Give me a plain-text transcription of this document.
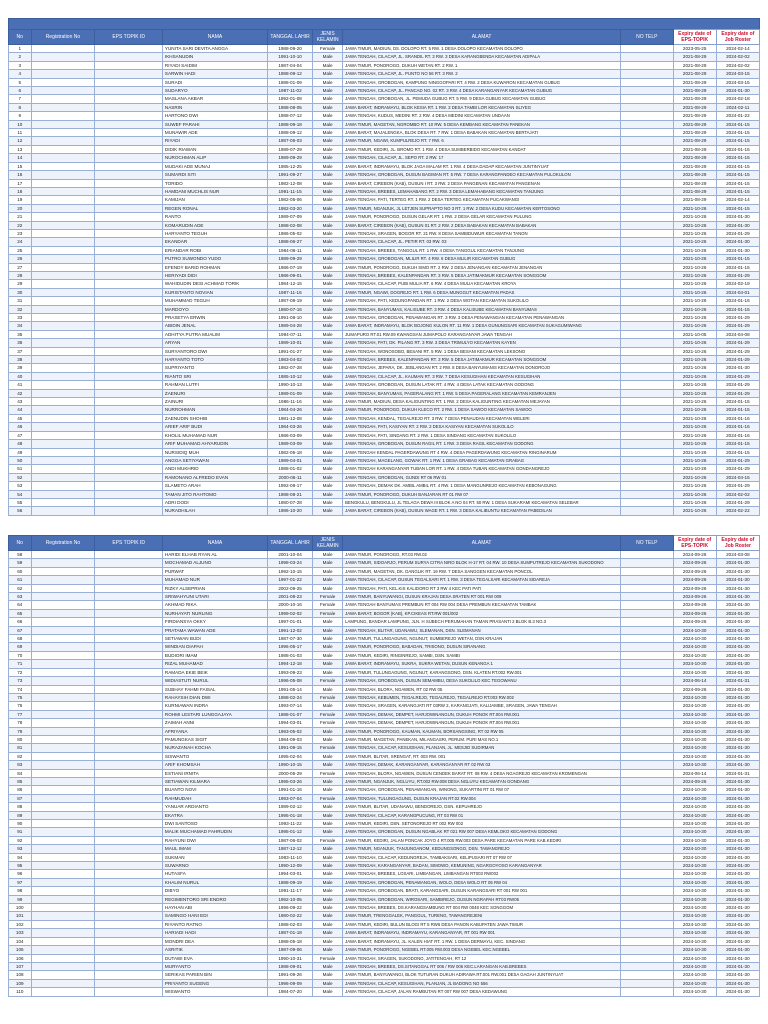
No	Registration No	EPS TOPIK ID	NAMA	TANGGAL LAHIR	JENIS KELAMIN	ALAMAT	NO TELP	Expiry date of EPS-TOPIK	Expiry date of Job Roster
1			YUNITA SARI DEVITA ANGGA	1988-09-20	Female	JAWA TIMUR, MADIUN, DS. DOLOPO RT. 5 RW. 1 DESA DOLOPO KECAMATAN DOLOPO		2023-05-25	2024-02-14
2			IKHSANUDIN	1991-10-10	Male	JAWA TENGAH, CILACAP, JL. SRANDIL RT. 3 RW. 3 DESA KARANGBENDA KECAMATAN ADIPALA		2021-08-29	2024-02-02
3			RIYADI SAIDIM	1987-04-04	Male	JAWA TIMUR, PONOROGO, DUKUH WETAN RT. 2 RW. 1		2021-08-29	2024-02-02
4			SARWIN HADI	1988-09-12	Male	JAWA TENGAH, CILACAP, JL. PUNTO NO 56 RT. 3 RW. 2		2021-08-29	2024-03-15
5			SURADI	1988-01-09	Male	JAWA TENGAH, GROBOGAN, KAMPUNG NINGGOPARI RT. 4 RW. 2 DESA KUWARON KECAMATAN GUBUG		2021-08-29	2024-03-15
6			SUDARYO	1987-11-02	Male	JAWA TENGAH, CILACAP, JL. PANCAD NO. 02 RT. 3 RW. 4 DESA KARANGANYAR KECAMATAN GUBUG		2021-08-29	2024-01-30
7			MASLANA AKBAR	1992-01-08	Male	JAWA TENGAH, GROBOGAN, JL. PEMUDA GUBUG RT. 5 RW. 9 DESA GUBUG KECAMATAN GUBUG		2021-08-29	2024-02-18
8			NASRIN	1988-08-05	Male	JAWA BARAT, INDRAMAYU, BLOK KESIA RT. 1 RW. 3 DESA TAMBI LOR KECAMATAN SLIYEG		2021-08-29	2024-02-11
9			HARTONO DWI	1988-07-12	Male	JAWA TENGAH, KUDUS, MEDINI RT. 2 RW. 4 DESA MEDINI KECAMATAN UNDAAN		2021-08-29	2024-01-22
10			SUWEF PARAHI	1988-09-18	Male	JAWA TIMUR, MAGETAN, NGROMBO RT. 10 RW. 5 DESA KEMBANG KECAMATAN PANEKAN		2021-08-29	2024-01-15
11			MUNAWIR ADE	1988-09-12	Male	JAWA BARAT, MAJALENGKA, BLOK DESA RT. 7 RW. 1 DESA BABAKAN KECAMATAN BERTAJATI		2021-08-29	2024-01-15
12			RIYADI	1987-06-03	Male	JAWA TIMUR, NGAWI, KUMPULREJO RT. 7 RW. 6		2021-08-29	2024-01-15
13			DIDIK RIAWAN	1989-07-29	Male	JAWA TIMUR, KEDIRI, JL. BROMO RT. 1 RW. 4 DESA SUMBERBIDO KECAMATAN KANDAT		2021-08-29	2024-01-15
14			NUROCHMAN ALIP	1989-09-29	Male	JAWA TENGAH, CILACAP, JL. SEPO RT. 2 RW. 17		2021-08-29	2024-01-15
15			MUDAKI ADE MUNAJ	1985-12-25	Male	JAWA BARAT, INDRAMAYU, BLOK JAGA MALAM RT. 1 RW. 4 DESA DADAP KECAMATAN JUNTINYUAT		2021-08-29	2024-01-15
16			SUMARDI SITI	1991-09-27	Male	JAWA TENGAH, GROBOGAN, DUSUN BAGIMAN RT. 5 RW. 7 DESA KARANGPANDEO KECAMATAN PULOKULON		2021-08-29	2024-01-15
17			TORIDO	1982-12-08	Male	JAWA BARAT, CIREBON (KAB), DUSUN I RT. 3 RW. 2 DESA PANGENAN KECAMATAN PANGENAN		2021-08-29	2024-01-15
18			HAMDANI MUCHLIS NUR	1991-11-15	Male	JAWA TENGAH, BREBES, LEMAHABANG RT. 2 RW. 3 DESA LEMAHABANG KECAMATAN TANJUNG		2021-08-29	2024-01-15
19			KAMIJAN	1982-05-06	Male	JAWA TENGAH, PATI, TERTEG RT. 1 RW. 2 DESA TERTEG KECAMATAN PUCAKWANGI		2021-08-29	2024-02-14
20			REGEN RONAL	1982-03-20	Male	JAWA TIMUR, NGANJUK, JL LETJEN SUPRAPTO NO 3 RT. 1 RW. 2 DESA KUDU KECAMATAN KERTOSONO		2021-10-26	2024-01-15
21			RANTO	1989-07-09	Male	JAWA TIMUR, PONOROGO, DUSUN GELAR RT. 1 RW. 2 DESA GELAR KECAMATAN PULUNG		2021-10-26	2024-01-30
22			KOMARUDIN ADE	1988-02-08	Male	JAWA BARAT, CIREBON (KAB), DUSUN 01 RT. 2 RW. 2 DESA BABAKAN KECAMATAN BABAKAN		2021-10-26	2024-01-30
23			HARYANTO TEGUH	1986-05-02	Male	JAWA TENGAH, SRAGEN, BOGOR RT. 21 RW. 8 DESA SAMBIDUWUR KECAMATAN TANON		2021-10-26	2024-01-29
24			EKANDAR	1988-06-27	Male	JAWA TENGAH, CILACAP, JL. PETIR RT. 03 RW. 03		2021-10-26	2024-01-30
25			ERIANDAR ROBI	1984-06-11	Male	JAWA TENGAH, BREBES, TANGGUL RT. 1 RW. 4 DESA TANGGUL KECAMATAN TANJUNG		2021-10-26	2024-01-30
26			PUTRO SUWONDO YUDO	1989-09-29	Male	JAWA TENGAH, GROBOGAN, MLILIR RT. 4 RW. 6 DESA MLILIR KECAMATAN GUBUG		2021-10-26	2024-01-15
27			EFENDY BARID ROHMAN	1986-07-19	Male	JAWA TIMUR, PONOROGO, DUKUH SIMO RT. 2 RW. 2 DESA JENANGAN KECAMATAN JENANGAN		2021-10-26	2024-01-15
28			HERIYADI DIDI	1986-09-01	Male	JAWA TENGAH, BREBES, KALENPANDAN RT. 3 RW. 5 DESA JATIMAKMUR KECAMATAN SONGGOM		2021-10-26	2024-01-29
29			WAHIDUDIN DESI ACHMAD TORIK	1984-12-15	Male	JAWA TENGAH, CILACAP, PUBI MULIA RT. 6 RW. 4 DESA MULIA KECAMATAN KROYA		2021-10-26	2024-02-19
30			KURISTANTO NOVIAN	1987-11-16	Male	JAWA TIMUR, NGAWI, DOGREJO RT. 1 RW. 6 DESA MUNGGUT KECAMATAN PADAS		2021-10-26	2024-04-01
31			MUHAMMAD TEGUH	1987-08-19	Male	JAWA TENGAH, PATI, KEDUNGPANDAN RT. 1 RW. 2 DESA WOTAN KECAMATAN SUKOLILO		2021-10-26	2024-01-16
32			MARDOYO	1980-07-16	Male	JAWA TENGAH, BANYUMAS, KALISUBE RT. 3 RW. 4 DESA KALISUBE KECAMATAN BANYUMAS		2021-10-26	2024-01-15
33			PRASETYA ERWIN	1991-08-10	Male	JAWA TENGAH, GROBOGAN, PENAWANGAN RT. 3 RW. 3 DESA PENAWANGAN KECAMATAN PENAWANGAN		2021-10-26	2024-01-29
34			ABIDIN JENAL	1989-04-28	Male	JAWA BARAT, INDRAMAYU, BLOK BOJONG KULON RT. 11 RW. 1 DESA GUNUNGSARI KECAMATAN SUKAGUMIWANG		2021-10-26	2024-01-29
35			ADHITYA PUTRA MUALIM	1994-07-11	Male	JUMAPURO RT.01 RW.09 KWANGSAN JUMAPOLO KARANGANYAR JAWA TENGAH		2021-10-05	2024-04-08
36			ARYAN	1989-10-01	Male	JAWA TENGAH, PATI, DK. PILANG RT. 3 RW. 3 DESA TRIMULYO KECAMATAN KAYEN		2021-10-26	2024-01-29
37			SURYANTORO DWI	1991-01-27	Male	JAWA TENGAH, WONOSOBO, BESANI RT. 5 RW. 1 DESA BESANI KECAMATAN LEKSONO		2021-10-26	2024-01-29
38			HARYANTO TOTO	1983-04-02	Male	JAWA TENGAH, BREBES, KALENPANDAN RT. 3 RW. 5 DESA JATIMAKMUR KECAMATAN SONGGOM		2021-10-26	2024-01-29
39			SUPRIYANTO	1982-07-28	Male	JAWA TENGAH, JEPARA, DK. JEBLANGAN RT. 2 RW. 8 DESA BANYUMANIS KECAMATAN DONOROJO		2021-10-26	2024-01-30
40			RIANTO SRI	1985-10-12	Male	JAWA TENGAH, CILACAP, JL. KAUMAN RT. 3 RW. 7 DESA KESUGIHAN KECAMATAN KESUGIHAN		2021-10-26	2024-01-29
41			RAHMAN LUTFI	1990-10-13	Male	JAWA TENGAH, GROBOGAN, DUSUN LATAK RT. 4 RW. 4 DESA LATAK KECAMATAN GODONG		2021-10-26	2024-01-29
42			ZAENURI	1989-01-09	Male	JAWA TENGAH, BANYUMAS, PAGERALANG RT. 1 RW. 5 DESA PAGERALANG KECAMATAN KEMRANJEN		2021-10-26	2024-01-29
43			ZAINURI	1986-11-16	Male	JAWA TIMUR, MADIUN, DESA KALIGUNTING RT. 1 RW. 2 DESA KALIGUNTING KECAMATAN MEJAYAN		2021-10-26	2024-01-15
44			NURROHMAN	1984-04-26	Male	JAWA TIMUR, PONOROGO, DUKUH KLECO RT. 2 RW. 1 DESA SAWOO KECAMATAN SAWOO		2021-10-26	2024-01-15
45			ZAENUDIN SHOHIB	1981-12-08	Male	JAWA TENGAH, KENDAL, TEGALREJO RT. 3 RW. 7 DESA PENAUDAN KECAMATAN WELERI		2021-10-26	2024-01-16
46			ARIEF ARIF BUDI	1984-03-26	Male	JAWA TENGAH, PATI, KASIYAN RT. 2 RW. 2 DESA KASIYAN KECAMATAN SUKOLILO		2021-10-26	2024-01-16
47			KHOLIL MUHAMAD NUR	1986-03-09	Male	JAWA TENGAH, PATI, SINDANG RT. 2 RW. 1 DESA SINDANG KECAMATAN SUKOLILO		2021-10-26	2024-01-16
48			ARIF MUHAMAD AHYARUDIN	1989-03-09	Male	JAWA TENGAH, GROBOGAN, DUSUN RAGIL RT. 1 RW. 3 DESA RAGIL KECAMATAN GODONG		2021-10-26	2024-01-15
49			NURSIDIQ MUH	1982-05-18	Male	JAWA TENGAH KENDAL PAGERDAWUNG RT 4 RW. 4 DESA PAGERDAWUNG KECAMATAN RINGINARUM		2021-10-26	2024-01-15
50			ANGGA SETIYAWAN	1989-04-01	Male	JAWA TENGAH, MAGELANG, GOWAK RT. 1 RW. 1 DESA GRABAG KECAMATAN GRABAG		2021-10-26	2024-01-29
51			ANDI MUKHRID	1988-01-02	Male	JAWA TENGAH KARANGANYAR TUBAN LOR RT. 1 RW. 4 DESA TUBAN KECAMATAN GONDANGREJO		2021-10-26	2024-01-29
52			RAMONANO ALFREDO EVAN	2000-06-11	Male	JAWA TENGAH, GROBOGAN, GUNDI RT 06 RW 01		2021-10-26	2024-04-15
53			SLAMETO ARAH	1992-08-17	Male	JAWA TENGAH, DEMAK DK. AMBIL AMBIL RT. 4 RW. 1 DESA MANGUNREJO KECAMATAN KEBONAGUNG		2021-10-26	2024-01-29
54			TAMAN JITO RAHTOMO	1988-08-21	Male	JAWA TIMUR, PONOROGO, DUKUH BANJARAN RT 01 RW 07		2021-10-26	2024-02-02
55			ADRI DODI	1980-07-28	Male	BENGKULU, BENGKULU, JL TELAGA DEWA III BLOK A NO 04 RT. 50 RW. 1 DESA SUKARAMI KECAMATAN SELEBAR		2021-10-26	2024-01-29
56			NURADHILAH	1986-10-20	Male	JAWA BARAT, CIREBON (KAB), DUSUN WAGE RT. 1 RW. 3 DESA KALIBUNTU KECAMATAN PABEDILAN		2021-10-26	2024-02-22
No	Registration No	EPS TOPIK ID	NAMA	TANGGAL LAHIR	JENIS KELAMIN	ALAMAT	NO TELP	Expiry date of EPS-TOPIK	Expiry date of Job Roster
58			HARIDI ELHAB RYAN AL	2001-10-04	Male	JAWA TIMUR, PONOROGO, RT.03 RW.02		2024-09-26	2024-03-08
59			MOCHAMAD ALJUNO	1998-03-24	Male	JAWA TIMUR, SIDOARJO, PERUM SURYA CITRA NIRO BLOK H-17 RT. 04 RW. 10 DESA SUMPUTREJO KECAMATAN SUKODONO		2024-09-26	2024-01-30
60			PURWAT	1992-10-15	Male	JAWA TIMUR, MAGETAN, DK. DANGLIK RT. 19 RW. 7 DESA SANGGEN KECAMATAN PONCOL		2024-09-26	2024-01-30
61			MUHAMAD NUR	1997-01-22	Male	JAWA TENGAH, CILACAP, DUSUN TEGALSARI RT. 1 RW. 3 DESA TEGALSARI KECAMATAN SIDAREJA		2024-09-26	2024-01-30
62			RIZKY ALSEPRIAN	2002-09-25	Male	JAWA TENGAH, PATI, KEL.KIS KALIDORO RT 3 RW 4 KEC PATI PATI		2024-09-26	2024-01-30
63			SRIWAHYUNI UTARI	2001-08-23	Female	JAWA TIMUR, BANYUWANGI, DUSUN KRAJAN DESA SRATEN RT 001 RW 009		2024-09-26	2024-01-30
64			AKHMAD RIKA	2000-10-16	Female	JAWA TENGAH BANYUMAS PREMBUN RT 004 RW 004 DESA PREMBUN KECAMATAN TAMBAK		2024-09-26	2024-01-30
65			NURHAYATI NURLING	1999-02-02	Female	JAWA BARAT, BOGOR (KAB), KP.CIKEAS RT.RW 001/002		2024-09-26	2024-01-30
66			FIRDIANSYA OKKY	1997-01-01	Male	LAMPUNG, BANDAR LAMPUNG, JLN. H SUBECH PERUMAHAN TAMAN PRASANTI 2 BLOK B.3 NO.3		2024-09-26	2024-01-30
67			PRATAMA WAWAN ADE	1991-12-02	Male	JAWA TENGAH, BLITAR, UDANAWU, SLEMANAN, DSN. SLEMANAN		2024-10-30	2024-01-30
68			SETIAWAN BUDI	1987-07-30	Male	JAWA TIMUR, TULUNGAGUNG, NGUNUT, SUMBEREJO WETAN, DSN KRAJAN		2024-10-30	2024-01-30
69			WINDIAN DIAPAH	1996-05-17	Male	JAWA TIMUR, PONOROGO, BABADAN, TRISONO, DUSUN SIRANANG		2024-10-30	2024-01-30
70			BUDIORI IMAM	1988-01-03	Male	JAWA TIMUR, KEDIRI, RINGINREJO, SAMBI, DSN. SAMBI		2024-10-30	2024-01-30
71			RIZAL MUHAMAD	1994-12-18	Male	JAWA BARAT, INDRAMAYU, SUKRA, SUKRA WETAN, DUSUN KENANGA 1		2024-10-30	2024-01-30
72			RAMADA EKIE BEIK	1993-09-23	Male	JAWA TIMUR, TULUNGAGUNG, NGUNUT, KARANGSONO, DSN. KLATEN RT.002 RW.001		2024-10-30	2024-01-30
73			WIDIASTUTI NURUL	1996-05-08	Female	JAWA TENGAH, GROBOGAN, DUSUN SEMAMBU, DESA SUKOLILO KEC TEGOWANU		2024-06-14	2024-01-31
74			SUBHAY FAHMI FAISAL	1991-05-14	Male	JAWA TENGAH, BLORA, NGAWEN, RT 02 RW 05		2024-09-26	2024-01-30
75			RAHAYSIH DIAN DWI	1988-02-24	Female	JAWA TENGAH, KEBUMEN, TEGALREJO, TEGALREJO, TEGALREJO RT.003 RW.002		2024-10-30	2024-01-30
76			KURNIAWAN INDRA	1993-07-14	Male	JAWA TENGAH, SRAGEN, KARANGJATI RT 03RW 2, KARANGJATI, KALIJAMBE, SRAGEN, JAWA TENGAH		2024-10-30	2024-01-30
77			ROHMI LESTARI LUNGGAJAYA	1988-01-07	Female	JAWA TENGAH, DEMAK, DEMPET, HARJOWINANGUN, DUKUH PONOK RT.004 RW.001		2024-10-30	2024-01-30
78			ZAIMAH ANNI	1994-03-01	Female	JAWA TENGAH, DEMAK, DEMPET, HARJOWINANGUN, DUKUH PONOK RT.004 RW.001		2024-10-30	2024-01-30
79			AFRIYANA	1993-05-02	Male	JAWA TIMUR, PONOROGO, KAUMAN, KAUMAN, BORSANGSING, RT 02 RW 05		2024-10-30	2024-01-30
80			PAMUNGKAS SIGIT	1984-09-03	Male	JAWA TIMUR, MAGETAN, PANEKAN, MILANGASRI, PERUM. PURI MAS NO.1		2024-10-30	2024-01-30
81			NURAZANAH KOCHA	1991-09-15	Female	JAWA TENGAH, CILACAP, KESUGIHAN, PLANJAN, JL. MESJID SUDIRMAN		2024-10-30	2024-01-30
82			SISWANTO	1995-02-04	Male	JAWA TIMUR, BLITAR, SRENGAT, RT. 003 RW. 001		2024-10-30	2024-01-30
83			ARIF KHOMSAH	1990-10-15	Male	JAWA TENGAH, DEMAK, KARANGANYAR, KARANGANYAR RT 02 RW 03		2024-10-30	2024-01-30
84			ESTIANI IRNITA	2000-05-29	Female	JAWA TENGAH, BLORA, NGAWEN, DUSUN CENDEK BARAT RT. 08 RW. 4 DESA NGAGREJO KECAMATAN KROMENGAN		2024-06-14	2024-01-31
85			SETIAWAN KILMARA	1995-03-26	Male	JAWA TIMUR, NGANJUK, NGLUYU, RT.002 RW.008 DESA NGLUYU KECAMATAN GONDANG		2024-09-26	2024-01-30
86			BUANTO NOVI	1991-01-16	Male	JAWA TENGAH, GROBOGAN, PENAWANGAN, WINONG, SUKARTINI RT 01 RW 07		2024-10-30	2024-01-30
87			RAHMUDAH	1993-07-04	Female	JAWA TENGAH, TULUNGAGUNG, DUSUN KRAJAN RT.02 RW.004		2024-10-30	2024-01-30
88			YANUAR ARDIANTO	1989-02-12	Male	JAWA TIMUR, BLITAR, UDANAWU, BENDOREJO, DSN. KEPUHREJO		2024-10-30	2024-01-30
89			EKATRA	1995-01-18	Male	JAWA TENGAH, CILACAP, KARANGPUCUNG, RT 03 RW 01		2024-10-30	2024-01-30
90			DWI SANTOSO	1993-11-22	Male	JAWA TIMUR, KEDIRI, DSN. SETONOREJO RT 002 RW 002		2024-10-30	2024-01-30
91			MALIK MUCHAMAD FAHRUDIN	1995-01-12	Male	JAWA TENGAH, GROBOGAN, DUSUN NGABLAK RT 021 RW 007 DESA KEMLOKO KECAMATAN GODONG		2024-10-30	2024-01-30
92			RAHYUNI DWI	1987-06-02	Female	JAWA TIMUR, KEDIRI, JALAN PONCAK JOYO 4 RT.005 RW.003 DESA PARE KECAMATAN PARE KAB.KEDIRI		2024-10-30	2024-01-30
93			MAUL IMAM	1987-12-12	Male	JAWA TIMUR, NGANJUK, TANJUNGANOM, KEDUNGSONGO, DSN. TAWANGREJO		2024-10-30	2024-01-30
94			SUKMAN	1983-11-10	Male	JAWA TENGAH, CILACAP, KEDUNGREJA, TAMBAKSARI, KELIPUSARI RT 07 RW 07		2024-10-30	2024-01-30
95			SUWARNO	1990-12-09	Male	JAWA TENGAH, KARANGANYAR, BADAN, SIMOWO, KEMUNING, NGARGOYOSO KARANGANYAR		2024-10-30	2024-01-30
96			HUTASFA	1994-03-01	Male	JAWA TENGAH, BREBES, LOSARI, LIMBANGAN, LIMBANGAN RT003 RW002		2024-10-30	2024-01-30
97			KHALIM NURUL	1988-09-19	Male	JAWA TENGAH, GROBOGAN, PENAWANGAN, WOLO, DESA WOLO RT 05 RW 04		2024-10-30	2024-01-30
98			DIBYO	1991-11-17	Male	JAWA TENGAH, GROBOGAN, BRATI, KARANGSARI, DUSUN KARANGSARI RT 001 RW 001		2024-10-30	2024-01-30
99			REGIMENTORO SRI ENDRO	1992-10-05	Male	JAWA TENGAH, GROBOGAN, WIROSARI, SAMBIREJO, DUSUN NGRAPAH RT03 RW05		2024-10-30	2024-01-30
100			HAYHAN ABI	1996-09-22	Male	JAWA TENGAH, BREBES, DS.KARANGSAMBUNG RT 004 RW 0048 KEC SONGGOM		2024-10-30	2024-01-30
101			SAMINGO HANI EDI	1980-02-22	Male	JAWA TIMUR, TRENGGALEK, PANGGUL, TURENG, TAWANGREJENI		2024-10-30	2024-01-30
102			RIYANTO RATNO	1988-02-03	Male	JAWA TIMUR, KEDIRI, BULUN BLOGI RT 5 RW6 DESA PANON KABUPATEN JAWA TIMUR		2024-10-30	2024-01-30
103			HARIADI HADI	1987-01-18	Male	JAWA BARAT, INDRAMAYU, INDRAMAYU, KARANGANYAR, RT 001 RW 001		2024-10-30	2024-01-30
104			MONDRI DEA	1988-05-18	Male	JAWA BARAT, INDRAMAYU, JL. KALEN HIAT RT. 1 RW. 1 DESA DERMAYU, KEC. SINDANG		2024-10-30	2024-01-30
105			ASRITIK	1987-09-06	Male	JAWA TIMUR, PONOROGO, NGEBEL RT.005 RW.003 DESA NGEBEL KEC.NGEBEL		2024-10-30	2024-01-30
106			DUTAWI EVA	1990-10-31	Female	JAWA TENGAH, SRAGEN, SUKODONO, JATITENGAH, RT 12		2024-10-30	2024-01-30
107			MURYANTO	1988-09-01	Male	JAWA TENGAH, BREBES, DS.SITANGGAL RT 006 / RW 006 KEC.LARANGAN KAB.BREBES		2024-10-30	2024-01-30
108			SERIKAS PARIEN BIN	1991-09-26	Male	JAWA TIMUR, BANYUWANGI, BLOK TUTURAN DUKUH ADIRAWA RT.001 RW.001 DESA GAGAH JUNTINYUAT		2024-10-30	2024-01-30
109			PRIYANTO SUGENG	1996-09-09	Male	JAWA TENGAH, CILACAP, KESUGIHAN, PLANJAN, JL BADONG NO 556		2024-10-30	2024-01-30
110			WISWANTO	1984-07-20	Male	JAWA TENGAH, CILACAP, JALAN RAMBUTAN RT 007 RW 007 DESA KEDAWUNG		2024-10-30	2024-01-30
